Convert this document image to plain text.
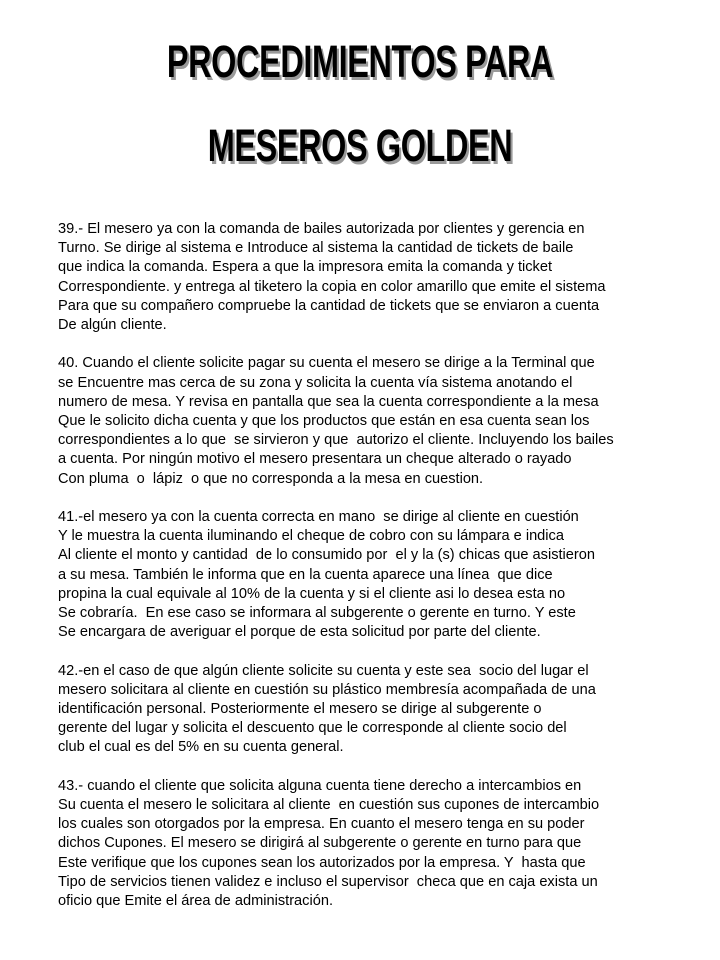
PROCEDIMIENTOS PARA
MESEROS GOLDEN
39.- El mesero ya con la comanda de bailes autorizada por clientes y gerencia en
Turno. Se dirige al sistema e Introduce al sistema la cantidad de tickets de baile
que indica la comanda. Espera a que la impresora emita la comanda y ticket
Correspondiente. y entrega al tiketero la copia en color amarillo que emite el sistema
Para que su compañero compruebe la cantidad de tickets que se enviaron a cuenta
De algún cliente.
40. Cuando el cliente solicite pagar su cuenta el mesero se dirige a la Terminal que
se Encuentre mas cerca de su zona y solicita la cuenta vía sistema anotando el
numero de mesa. Y revisa en pantalla que sea la cuenta correspondiente a la mesa
Que le solicito dicha cuenta y que los productos que están en esa cuenta sean los
correspondientes a lo que  se sirvieron y que  autorizo el cliente. Incluyendo los bailes
a cuenta. Por ningún motivo el mesero presentara un cheque alterado o rayado
Con pluma  o  lápiz  o que no corresponda a la mesa en cuestion.
41.-el mesero ya con la cuenta correcta en mano  se dirige al cliente en cuestión
Y le muestra la cuenta iluminando el cheque de cobro con su lámpara e indica
Al cliente el monto y cantidad  de lo consumido por  el y la (s) chicas que asistieron
a su mesa. También le informa que en la cuenta aparece una línea  que dice
propina la cual equivale al 10% de la cuenta y si el cliente asi lo desea esta no
Se cobraría.  En ese caso se informara al subgerente o gerente en turno. Y este
Se encargara de averiguar el porque de esta solicitud por parte del cliente.
42.-en el caso de que algún cliente solicite su cuenta y este sea  socio del lugar el
mesero solicitara al cliente en cuestión su plástico membresía acompañada de una
identificación personal. Posteriormente el mesero se dirige al subgerente o
gerente del lugar y solicita el descuento que le corresponde al cliente socio del
club el cual es del 5% en su cuenta general.
43.- cuando el cliente que solicita alguna cuenta tiene derecho a intercambios en
Su cuenta el mesero le solicitara al cliente  en cuestión sus cupones de intercambio
los cuales son otorgados por la empresa. En cuanto el mesero tenga en su poder
dichos Cupones. El mesero se dirigirá al subgerente o gerente en turno para que
Este verifique que los cupones sean los autorizados por la empresa. Y  hasta que
Tipo de servicios tienen validez e incluso el supervisor  checa que en caja exista un
oficio que Emite el área de administración.
